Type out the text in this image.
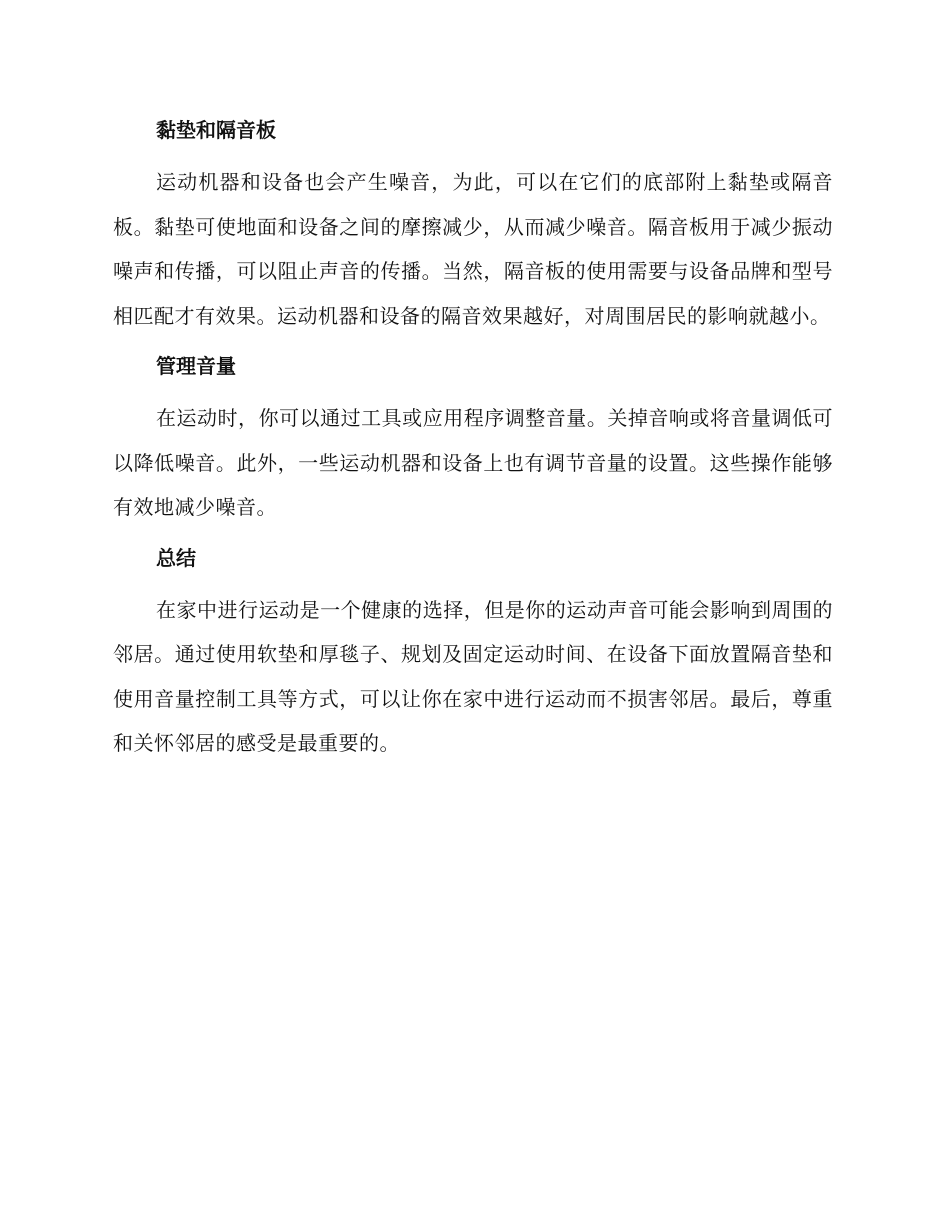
黏垫和隔音板

运动机器和设备也会产生噪音，为此，可以在它们的底部附上黏垫或隔音板。黏垫可使地面和设备之间的摩擦减少，从而减少噪音。隔音板用于减少振动噪声和传播，可以阻止声音的传播。当然，隔音板的使用需要与设备品牌和型号相匹配才有效果。运动机器和设备的隔音效果越好，对周围居民的影响就越小。

管理音量

在运动时，你可以通过工具或应用程序调整音量。关掉音响或将音量调低可以降低噪音。此外，一些运动机器和设备上也有调节音量的设置。这些操作能够有效地减少噪音。

总结

在家中进行运动是一个健康的选择，但是你的运动声音可能会影响到周围的邻居。通过使用软垫和厚毯子、规划及固定运动时间、在设备下面放置隔音垫和使用音量控制工具等方式，可以让你在家中进行运动而不损害邻居。最后，尊重和关怀邻居的感受是最重要的。
